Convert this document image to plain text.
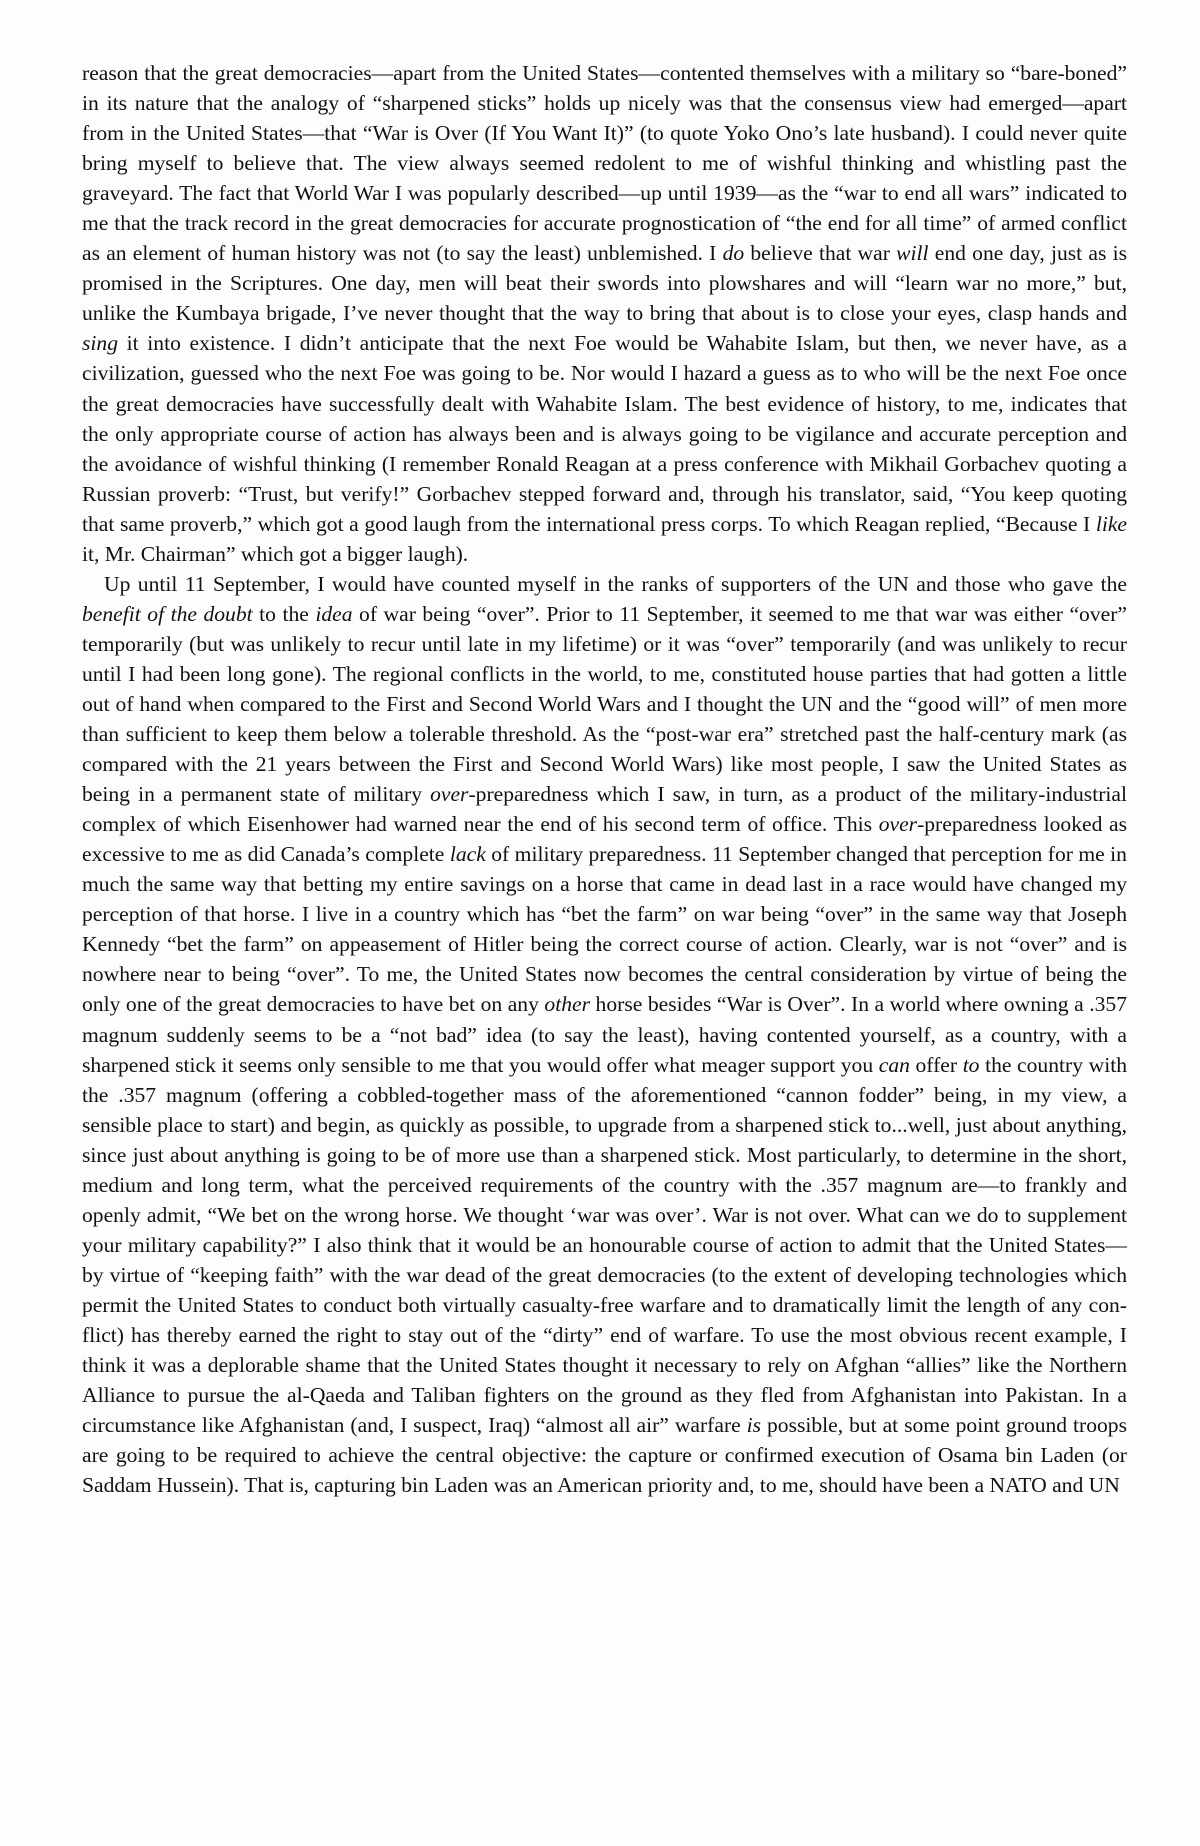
reason that the great democracies—apart from the United States—contented themselves with a military so “bare-boned” in its nature that the analogy of “sharpened sticks” holds up nicely was that the consensus view had emerged—apart from in the United States—that “War is Over (If You Want It)” (to quote Yoko Ono’s late husband). I could never quite bring myself to believe that. The view always seemed redolent to me of wishful thinking and whistling past the graveyard. The fact that World War I was popularly described—up until 1939—as the “war to end all wars” indicated to me that the track record in the great democracies for accurate prognostication of “the end for all time” of armed conflict as an element of human history was not (to say the least) unblemished. I do believe that war will end one day, just as is promised in the Scriptures. One day, men will beat their swords into plowshares and will “learn war no more,” but, unlike the Kumbaya brigade, I’ve never thought that the way to bring that about is to close your eyes, clasp hands and sing it into existence. I didn’t anticipate that the next Foe would be Wahabite Islam, but then, we never have, as a civilization, guessed who the next Foe was going to be. Nor would I hazard a guess as to who will be the next Foe once the great democracies have successfully dealt with Wahabite Islam. The best evidence of history, to me, indicates that the only appropriate course of action has always been and is always going to be vigilance and accurate perception and the avoidance of wishful thinking (I remember Ronald Reagan at a press conference with Mikhail Gorbachev quoting a Russian proverb: “Trust, but verify!” Gorbachev stepped forward and, through his translator, said, “You keep quoting that same proverb,” which got a good laugh from the international press corps. To which Reagan replied, “Because I like it, Mr. Chairman” which got a bigger laugh).

Up until 11 September, I would have counted myself in the ranks of supporters of the UN and those who gave the benefit of the doubt to the idea of war being “over”. Prior to 11 September, it seemed to me that war was either “over” temporarily (but was unlikely to recur until late in my lifetime) or it was “over” temporarily (and was unlikely to recur until I had been long gone). The regional conflicts in the world, to me, constituted house parties that had gotten a little out of hand when compared to the First and Second World Wars and I thought the UN and the “good will” of men more than sufficient to keep them below a tolerable threshold. As the “post-war era” stretched past the half-century mark (as compared with the 21 years between the First and Second World Wars) like most people, I saw the United States as being in a permanent state of military over-preparedness which I saw, in turn, as a product of the military-industrial complex of which Eisenhower had warned near the end of his second term of office. This over-preparedness looked as excessive to me as did Canada’s complete lack of military preparedness. 11 September changed that perception for me in much the same way that betting my entire savings on a horse that came in dead last in a race would have changed my perception of that horse. I live in a country which has “bet the farm” on war being “over” in the same way that Joseph Kennedy “bet the farm” on appeasement of Hitler being the correct course of action. Clearly, war is not “over” and is nowhere near to being “over”. To me, the United States now becomes the central consideration by virtue of being the only one of the great democracies to have bet on any other horse besides “War is Over”. In a world where owning a .357 magnum suddenly seems to be a “not bad” idea (to say the least), having contented yourself, as a country, with a sharpened stick it seems only sensible to me that you would offer what meager support you can offer to the country with the .357 magnum (offering a cobbled-together mass of the aforementioned “cannon fodder” being, in my view, a sensible place to start) and begin, as quickly as possible, to upgrade from a sharpened stick to...well, just about anything, since just about anything is going to be of more use than a sharpened stick. Most particularly, to determine in the short, medium and long term, what the perceived requirements of the country with the .357 magnum are—to frankly and openly admit, “We bet on the wrong horse. We thought ‘war was over’. War is not over. What can we do to supplement your military capability?” I also think that it would be an honourable course of action to admit that the United States—by virtue of “keeping faith” with the war dead of the great democracies (to the extent of developing technologies which permit the United States to conduct both virtually casualty-free warfare and to dramatically limit the length of any conflict) has thereby earned the right to stay out of the “dirty” end of warfare. To use the most obvious recent example, I think it was a deplorable shame that the United States thought it necessary to rely on Afghan “allies” like the Northern Alliance to pursue the al-Qaeda and Taliban fighters on the ground as they fled from Afghanistan into Pakistan. In a circumstance like Afghanistan (and, I suspect, Iraq) “almost all air” warfare is possible, but at some point ground troops are going to be required to achieve the central objective: the capture or confirmed execution of Osama bin Laden (or Saddam Hussein). That is, capturing bin Laden was an American priority and, to me, should have been a NATO and UN
